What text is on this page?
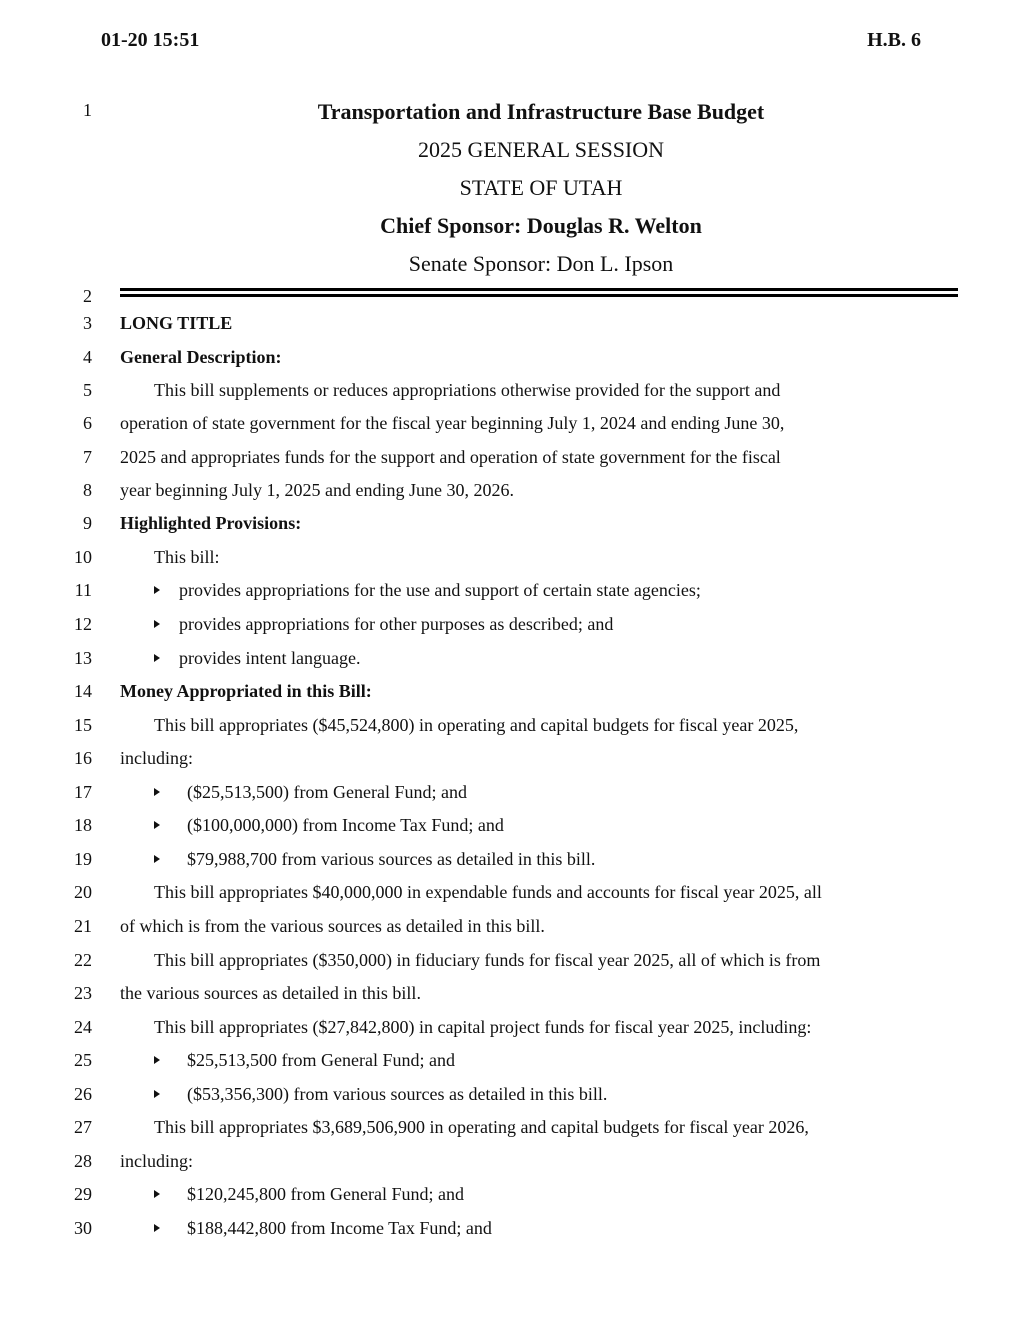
01-20 15:51	H.B. 6
1
2
3
4
5
6
7
8
9
10
11
12
13
14
15
16
17
18
19
20
21
22
23
24
25
26
27
28
29
30
Transportation and Infrastructure Base Budget
2025 GENERAL SESSION
STATE OF UTAH
Chief Sponsor: Douglas R. Welton
Senate Sponsor: Don L. Ipson
LONG TITLE
General Description:
This bill supplements or reduces appropriations otherwise provided for the support and
operation of state government for the fiscal year beginning July 1, 2024 and ending June 30,
2025 and appropriates funds for the support and operation of state government for the fiscal
year beginning July 1, 2025 and ending June 30, 2026.
Highlighted Provisions:
This bill:
provides appropriations for the use and support of certain state agencies;
provides appropriations for other purposes as described; and
provides intent language.
Money Appropriated in this Bill:
This bill appropriates ($45,524,800) in operating and capital budgets for fiscal year 2025,
including:
($25,513,500) from General Fund; and
($100,000,000) from Income Tax Fund; and
$79,988,700 from various sources as detailed in this bill.
This bill appropriates $40,000,000 in expendable funds and accounts for fiscal year 2025, all
of which is from the various sources as detailed in this bill.
This bill appropriates ($350,000) in fiduciary funds for fiscal year 2025, all of which is from
the various sources as detailed in this bill.
This bill appropriates ($27,842,800) in capital project funds for fiscal year 2025, including:
$25,513,500 from General Fund; and
($53,356,300) from various sources as detailed in this bill.
This bill appropriates $3,689,506,900 in operating and capital budgets for fiscal year 2026,
including:
$120,245,800 from General Fund; and
$188,442,800 from Income Tax Fund; and
